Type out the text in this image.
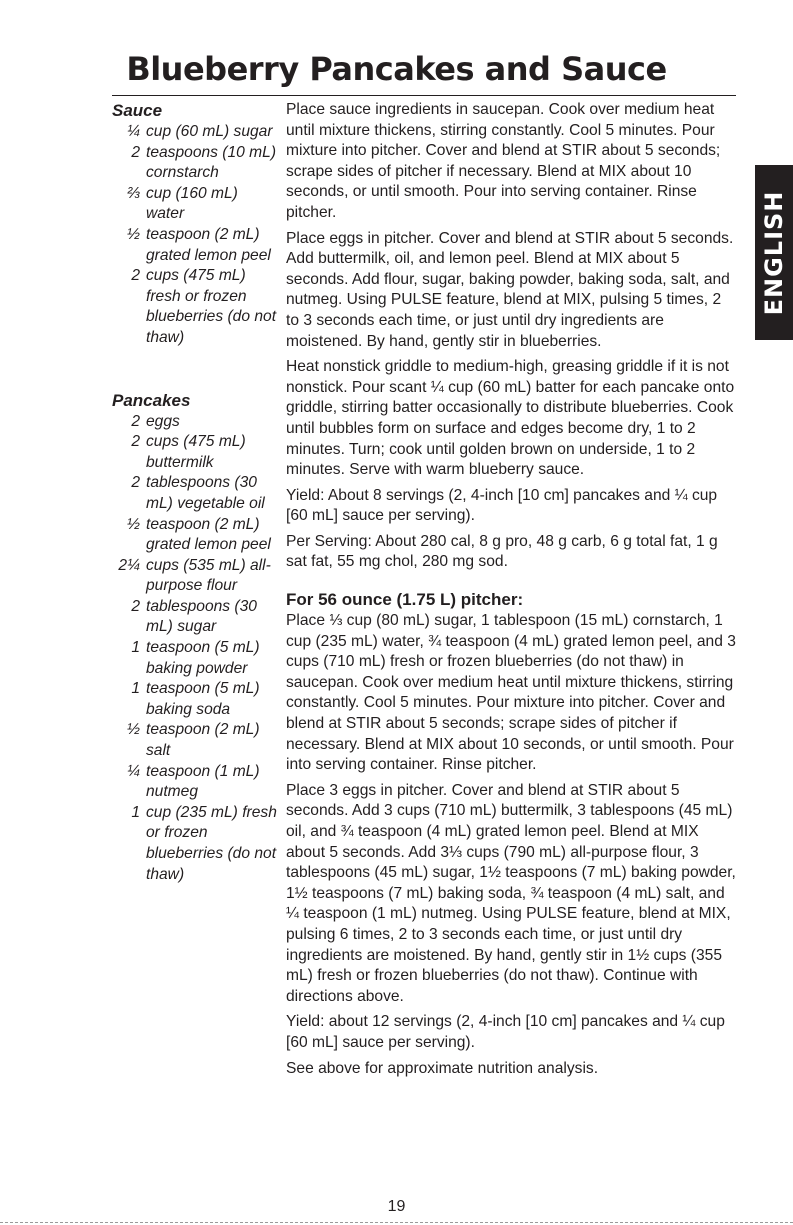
Blueberry Pancakes and Sauce
Sauce
¼ cup (60 mL) sugar
2 teaspoons (10 mL) cornstarch
⅔ cup (160 mL) water
½ teaspoon (2 mL) grated lemon peel
2 cups (475 mL) fresh or frozen blueberries (do not thaw)
Pancakes
2 eggs
2 cups (475 mL) buttermilk
2 tablespoons (30 mL) vegetable oil
½ teaspoon (2 mL) grated lemon peel
2¼ cups (535 mL) all-purpose flour
2 tablespoons (30 mL) sugar
1 teaspoon (5 mL) baking powder
1 teaspoon (5 mL) baking soda
½ teaspoon (2 mL) salt
¼ teaspoon (1 mL) nutmeg
1 cup (235 mL) fresh or frozen blueberries (do not thaw)

Place sauce ingredients in saucepan. Cook over medium heat until mixture thickens, stirring constantly. Cool 5 minutes. Pour mixture into pitcher. Cover and blend at STIR about 5 seconds; scrape sides of pitcher if necessary. Blend at MIX about 10 seconds, or until smooth. Pour into serving container. Rinse pitcher.

Place eggs in pitcher. Cover and blend at STIR about 5 seconds. Add buttermilk, oil, and lemon peel. Blend at MIX about 5 seconds. Add flour, sugar, baking powder, baking soda, salt, and nutmeg. Using PULSE feature, blend at MIX, pulsing 5 times, 2 to 3 seconds each time, or just until dry ingredients are moistened. By hand, gently stir in blueberries.

Heat nonstick griddle to medium-high, greasing griddle if it is not nonstick. Pour scant ¼ cup (60 mL) batter for each pancake onto griddle, stirring batter occasionally to distribute blueberries. Cook until bubbles form on surface and edges become dry, 1 to 2 minutes. Turn; cook until golden brown on underside, 1 to 2 minutes. Serve with warm blueberry sauce.

Yield: About 8 servings (2, 4-inch [10 cm] pancakes and ¼ cup [60 mL] sauce per serving).

Per Serving: About 280 cal, 8 g pro, 48 g carb, 6 g total fat, 1 g sat fat, 55 mg chol, 280 mg sod.

For 56 ounce (1.75 L) pitcher:

Place ⅓ cup (80 mL) sugar, 1 tablespoon (15 mL) cornstarch, 1 cup (235 mL) water, ¾ teaspoon (4 mL) grated lemon peel, and 3 cups (710 mL) fresh or frozen blueberries (do not thaw) in saucepan. Cook over medium heat until mixture thickens, stirring constantly. Cool 5 minutes. Pour mixture into pitcher. Cover and blend at STIR about 5 seconds; scrape sides of pitcher if necessary. Blend at MIX about 10 seconds, or until smooth. Pour into serving container. Rinse pitcher.

Place 3 eggs in pitcher. Cover and blend at STIR about 5 seconds. Add 3 cups (710 mL) buttermilk, 3 tablespoons (45 mL) oil, and ¾ teaspoon (4 mL) grated lemon peel. Blend at MIX about 5 seconds. Add 3⅓ cups (790 mL) all-purpose flour, 3 tablespoons (45 mL) sugar, 1½ teaspoons (7 mL) baking powder, 1½ teaspoons (7 mL) baking soda, ¾ teaspoon (4 mL) salt, and ¼ teaspoon (1 mL) nutmeg. Using PULSE feature, blend at MIX, pulsing 6 times, 2 to 3 seconds each time, or just until dry ingredients are moistened. By hand, gently stir in 1½ cups (355 mL) fresh or frozen blueberries (do not thaw). Continue with directions above.

Yield: about 12 servings (2, 4-inch [10 cm] pancakes and ¼ cup [60 mL] sauce per serving).

See above for approximate nutrition analysis.

ENGLISH
19
